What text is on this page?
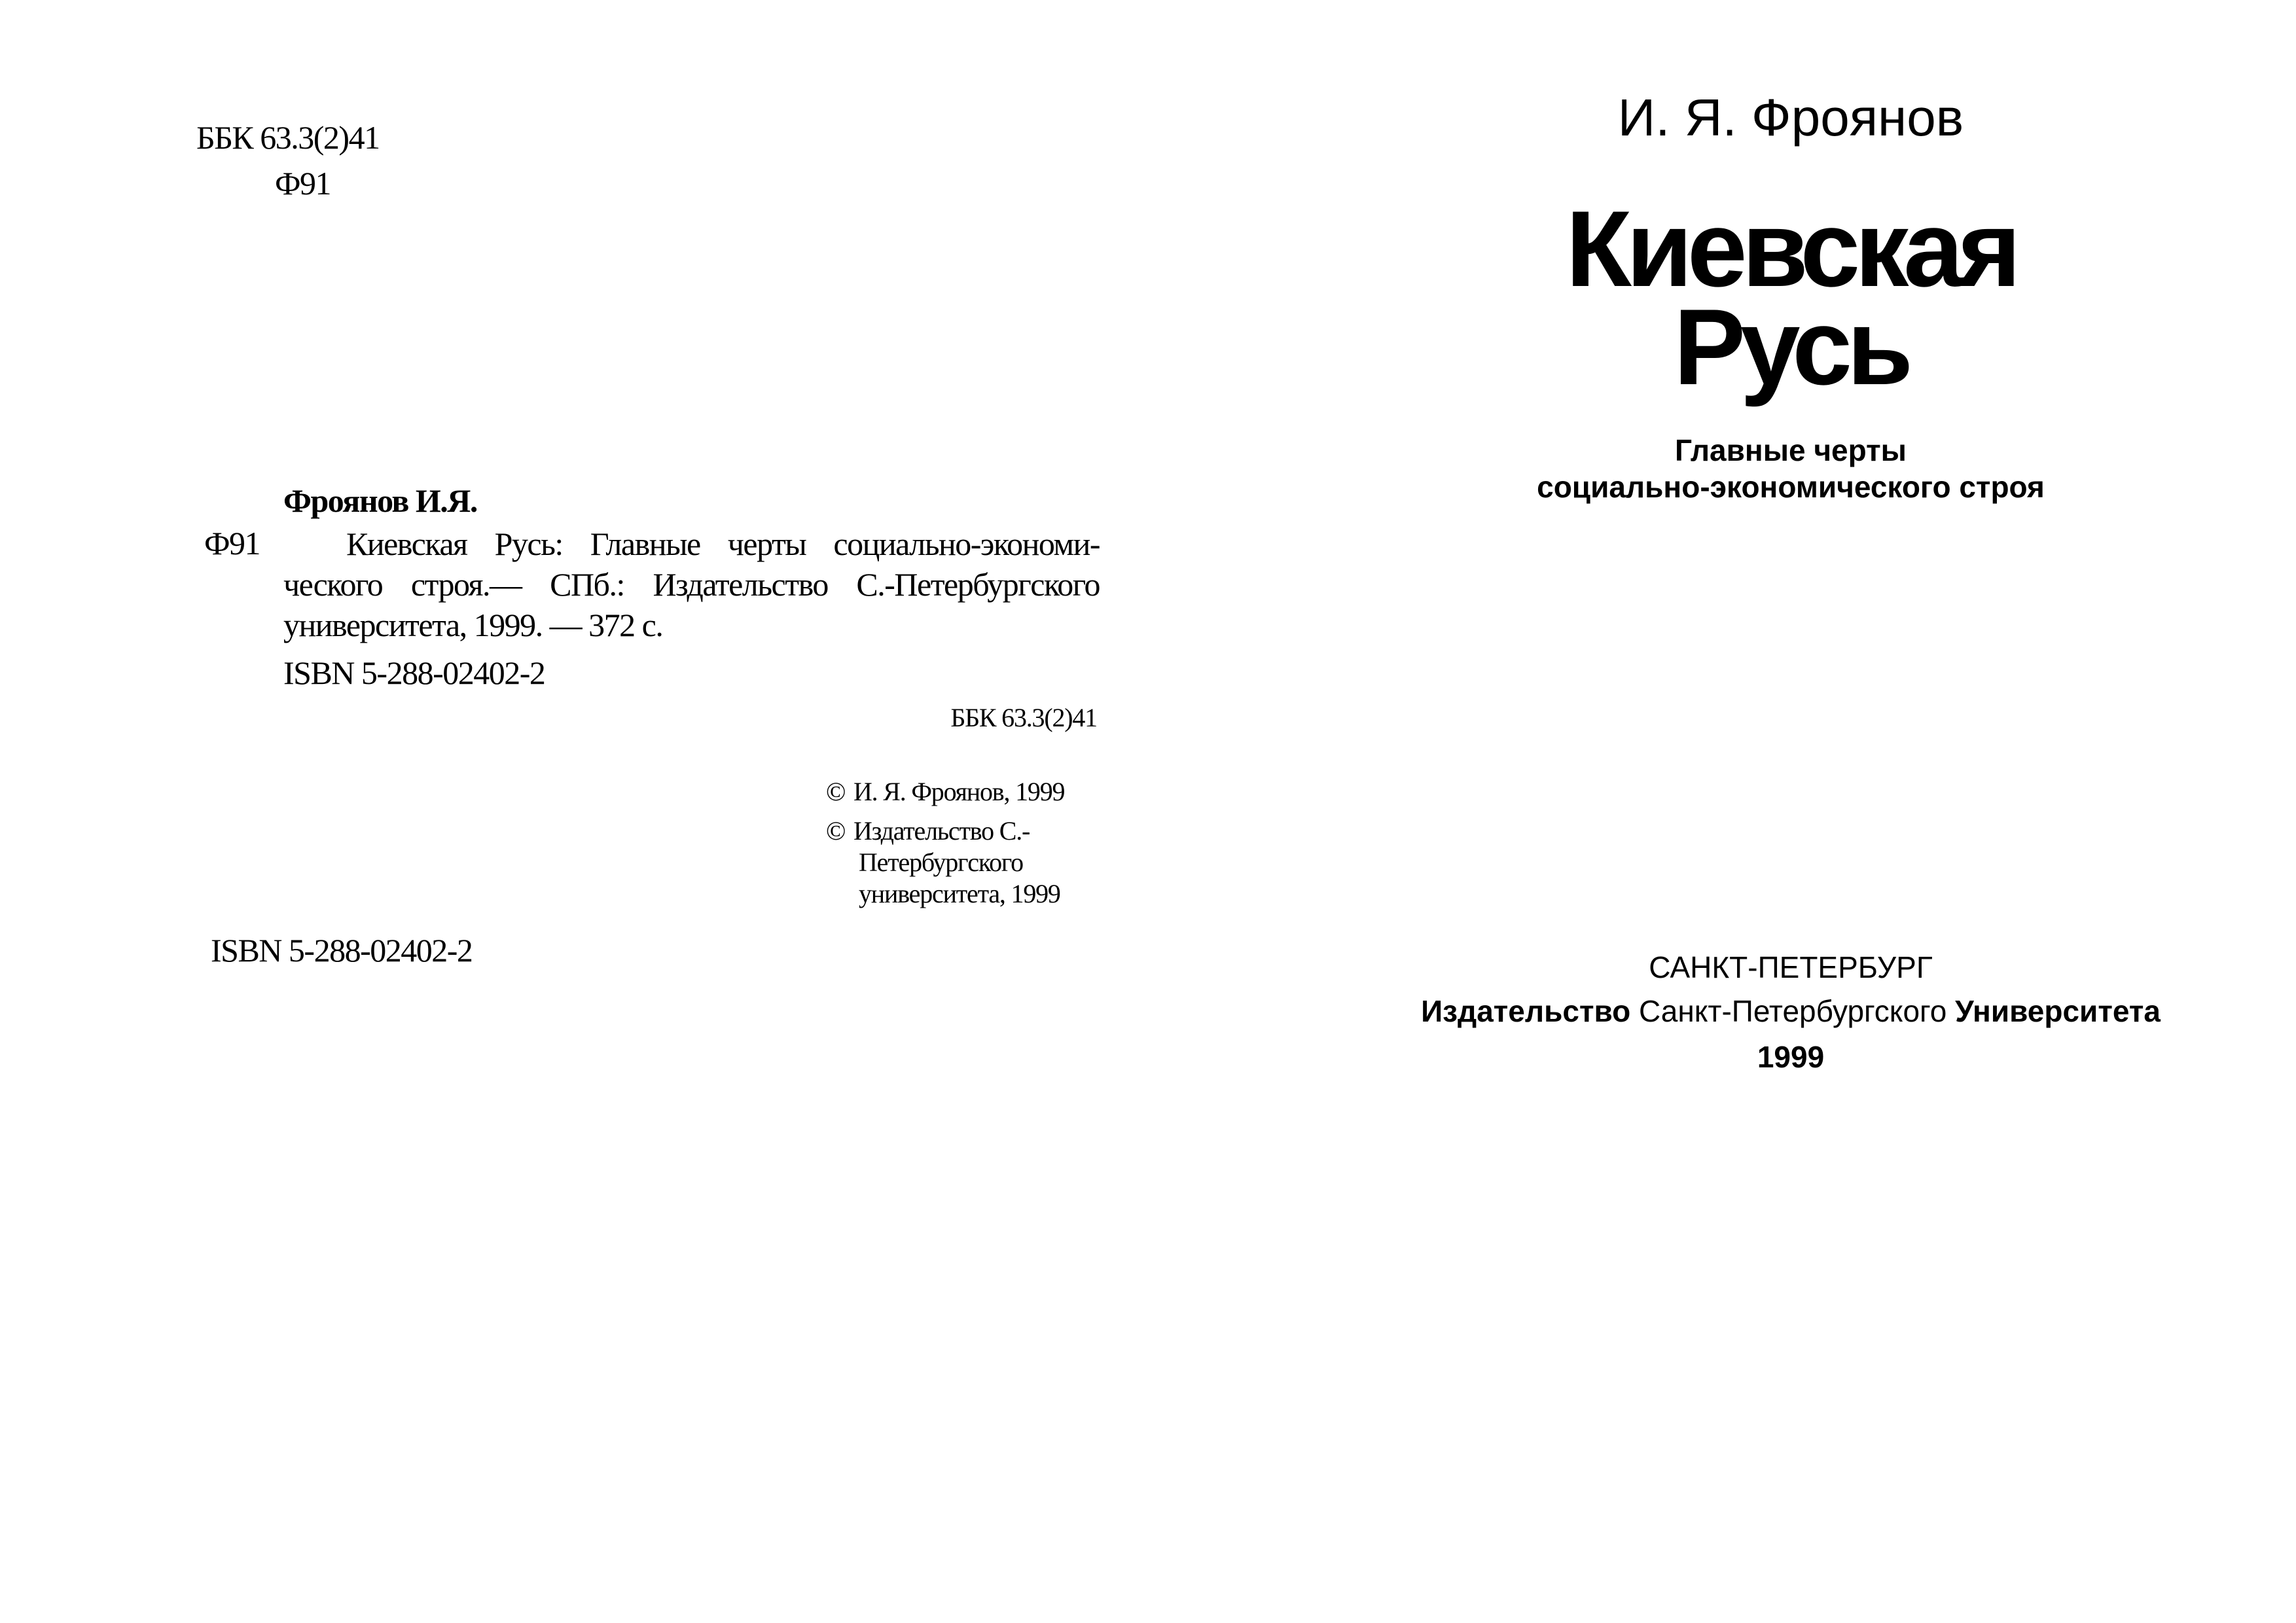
ББК 63.3(2)41
Ф91
Фроянов И.Я.
Ф91	Киевская Русь: Главные черты социально-экономи-ческого строя.— СПб.: Издательство С.-Петербургского университета, 1999. — 372 с.
ISBN 5-288-02402-2
ББК 63.3(2)41
© И. Я. Фроянов, 1999
© Издательство С.-
Петербургского
университета, 1999
ISBN 5-288-02402-2
И. Я. Фроянов
Киевская
Русь
Главные черты
социально-экономического строя
САНКТ-ПЕТЕРБУРГ
Издательство Санкт-Петербургского Университета
1999
